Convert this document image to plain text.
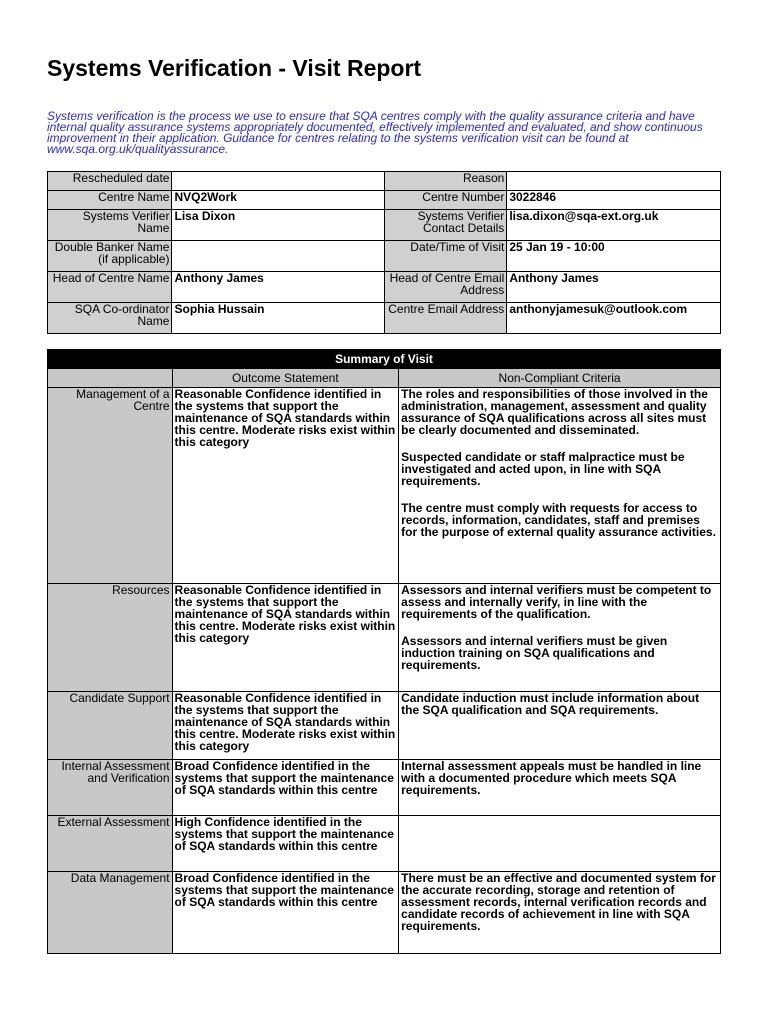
Systems Verification - Visit Report

Systems verification is the process we use to ensure that SQA centres comply with the quality assurance criteria and have internal quality assurance systems appropriately documented, effectively implemented and evaluated, and show continuous improvement in their application. Guidance for centres relating to the systems verification visit can be found at www.sqa.org.uk/qualityassurance.

Rescheduled date		Reason	
Centre Name	NVQ2Work	Centre Number	3022846
Systems Verifier Name	Lisa Dixon	Systems Verifier Contact Details	lisa.dixon@sqa-ext.org.uk
Double Banker Name (if applicable)		Date/Time of Visit	25 Jan 19 - 10:00
Head of Centre Name	Anthony James	Head of Centre Email Address	Anthony James
SQA Co-ordinator Name	Sophia Hussain	Centre Email Address	anthonyjamesuk@outlook.com
Summary of Visit		
	Outcome Statement	Non-Compliant Criteria
Management of a Centre	Reasonable Confidence identified in the systems that support the maintenance of SQA standards within this centre. Moderate risks exist within this category	The roles and responsibilities of those involved in the administration, management, assessment and quality assurance of SQA qualifications across all sites must be clearly documented and disseminated.

Suspected candidate or staff malpractice must be investigated and acted upon, in line with SQA requirements.

The centre must comply with requests for access to records, information, candidates, staff and premises for the purpose of external quality assurance activities.

Resources	Reasonable Confidence identified in the systems that support the maintenance of SQA standards within this centre. Moderate risks exist within this category	Assessors and internal verifiers must be competent to assess and internally verify, in line with the requirements of the qualification.

Assessors and internal verifiers must be given induction training on SQA qualifications and requirements.

Candidate Support	Reasonable Confidence identified in the systems that support the maintenance of SQA standards within this centre. Moderate risks exist within this category	Candidate induction must include information about the SQA qualification and SQA requirements.

Internal Assessment and Verification	Broad Confidence identified in the systems that support the maintenance of SQA standards within this centre	Internal assessment appeals must be handled in line with a documented procedure which meets SQA requirements.

External Assessment	High Confidence identified in the systems that support the maintenance of SQA standards within this centre	
Data Management	Broad Confidence identified in the systems that support the maintenance of SQA standards within this centre	There must be an effective and documented system for the accurate recording, storage and retention of assessment records, internal verification records and candidate records of achievement in line with SQA requirements.
